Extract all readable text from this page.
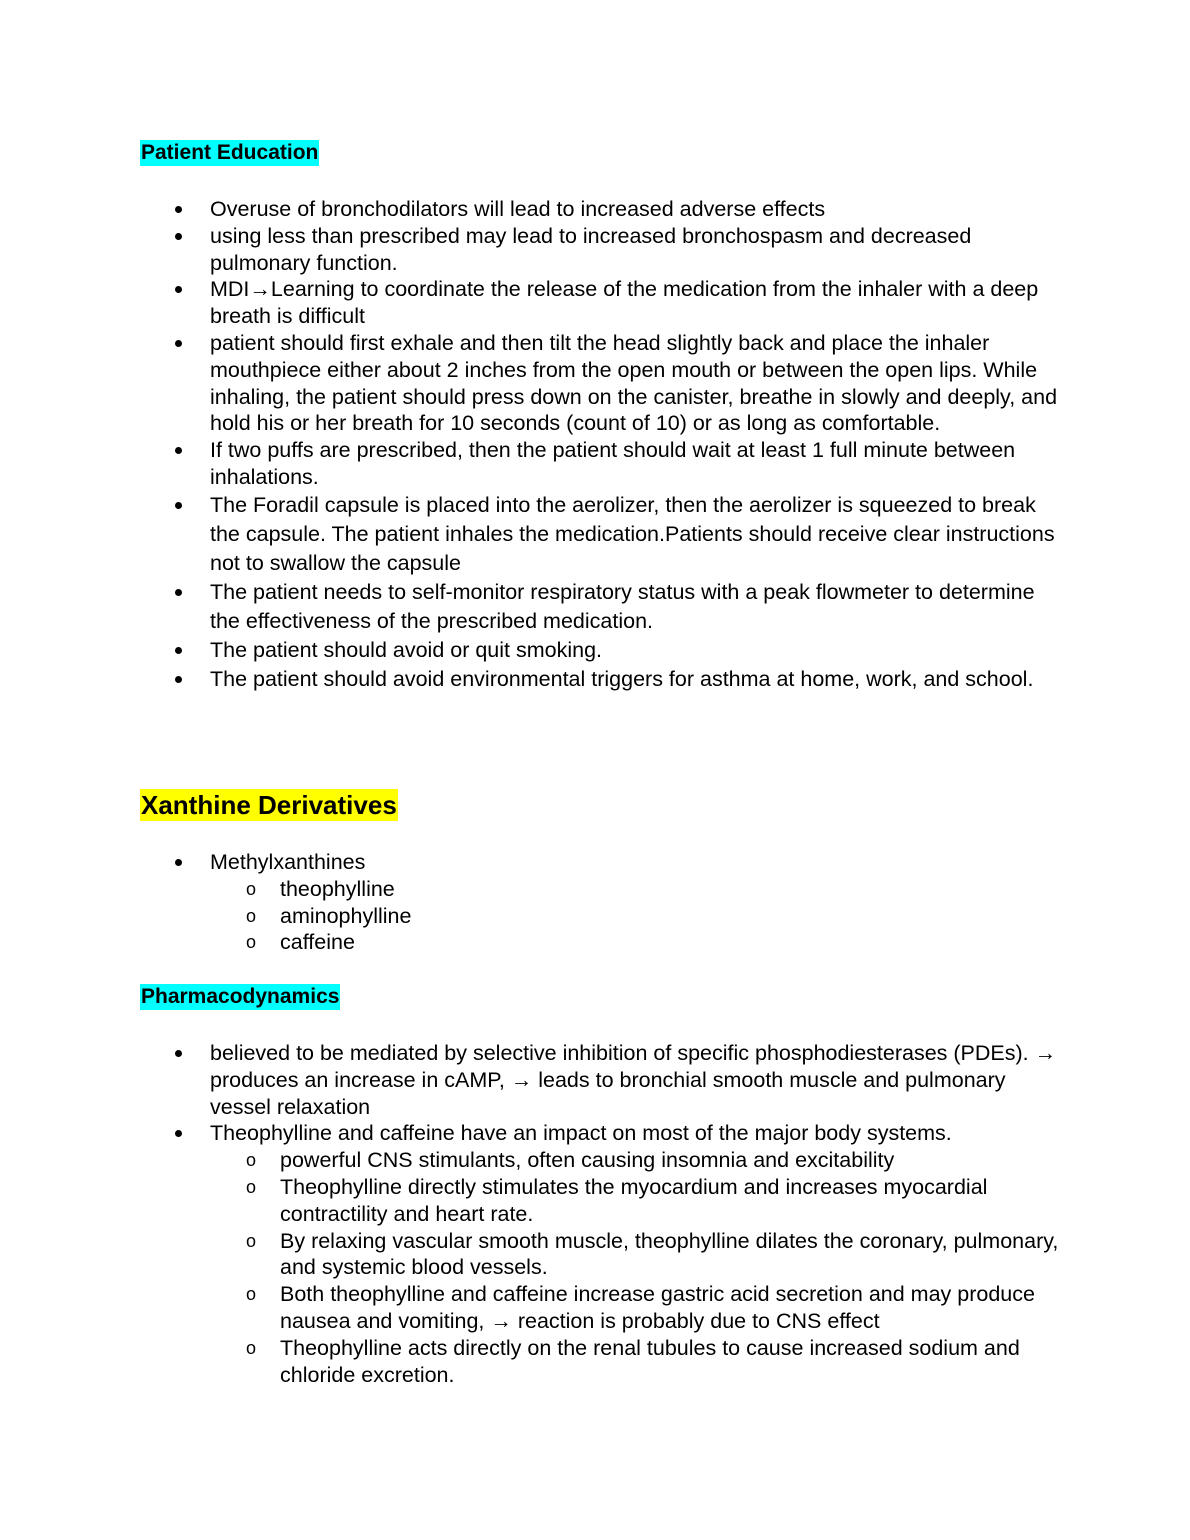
Patient Education
Overuse of bronchodilators will lead to increased adverse effects
using less than prescribed may lead to increased bronchospasm and decreased pulmonary function.
MDI→Learning to coordinate the release of the medication from the inhaler with a deep breath is difficult
patient should first exhale and then tilt the head slightly back and place the inhaler mouthpiece either about 2 inches from the open mouth or between the open lips. While inhaling, the patient should press down on the canister, breathe in slowly and deeply, and hold his or her breath for 10 seconds (count of 10) or as long as comfortable.
If two puffs are prescribed, then the patient should wait at least 1 full minute between inhalations.
The Foradil capsule is placed into the aerolizer, then the aerolizer is squeezed to break the capsule. The patient inhales the medication.Patients should receive clear instructions not to swallow the capsule
The patient needs to self-monitor respiratory status with a peak flowmeter to determine the effectiveness of the prescribed medication.
The patient should avoid or quit smoking.
The patient should avoid environmental triggers for asthma at home, work, and school.
Xanthine Derivatives
Methylxanthines
o theophylline
o aminophylline
o caffeine
Pharmacodynamics
believed to be mediated by selective inhibition of specific phosphodiesterases (PDEs). → produces an increase in cAMP, → leads to bronchial smooth muscle and pulmonary vessel relaxation
Theophylline and caffeine have an impact on most of the major body systems.
o powerful CNS stimulants, often causing insomnia and excitability
o Theophylline directly stimulates the myocardium and increases myocardial contractility and heart rate.
o By relaxing vascular smooth muscle, theophylline dilates the coronary, pulmonary, and systemic blood vessels.
o Both theophylline and caffeine increase gastric acid secretion and may produce nausea and vomiting, → reaction is probably due to CNS effect
o Theophylline acts directly on the renal tubules to cause increased sodium and chloride excretion.
